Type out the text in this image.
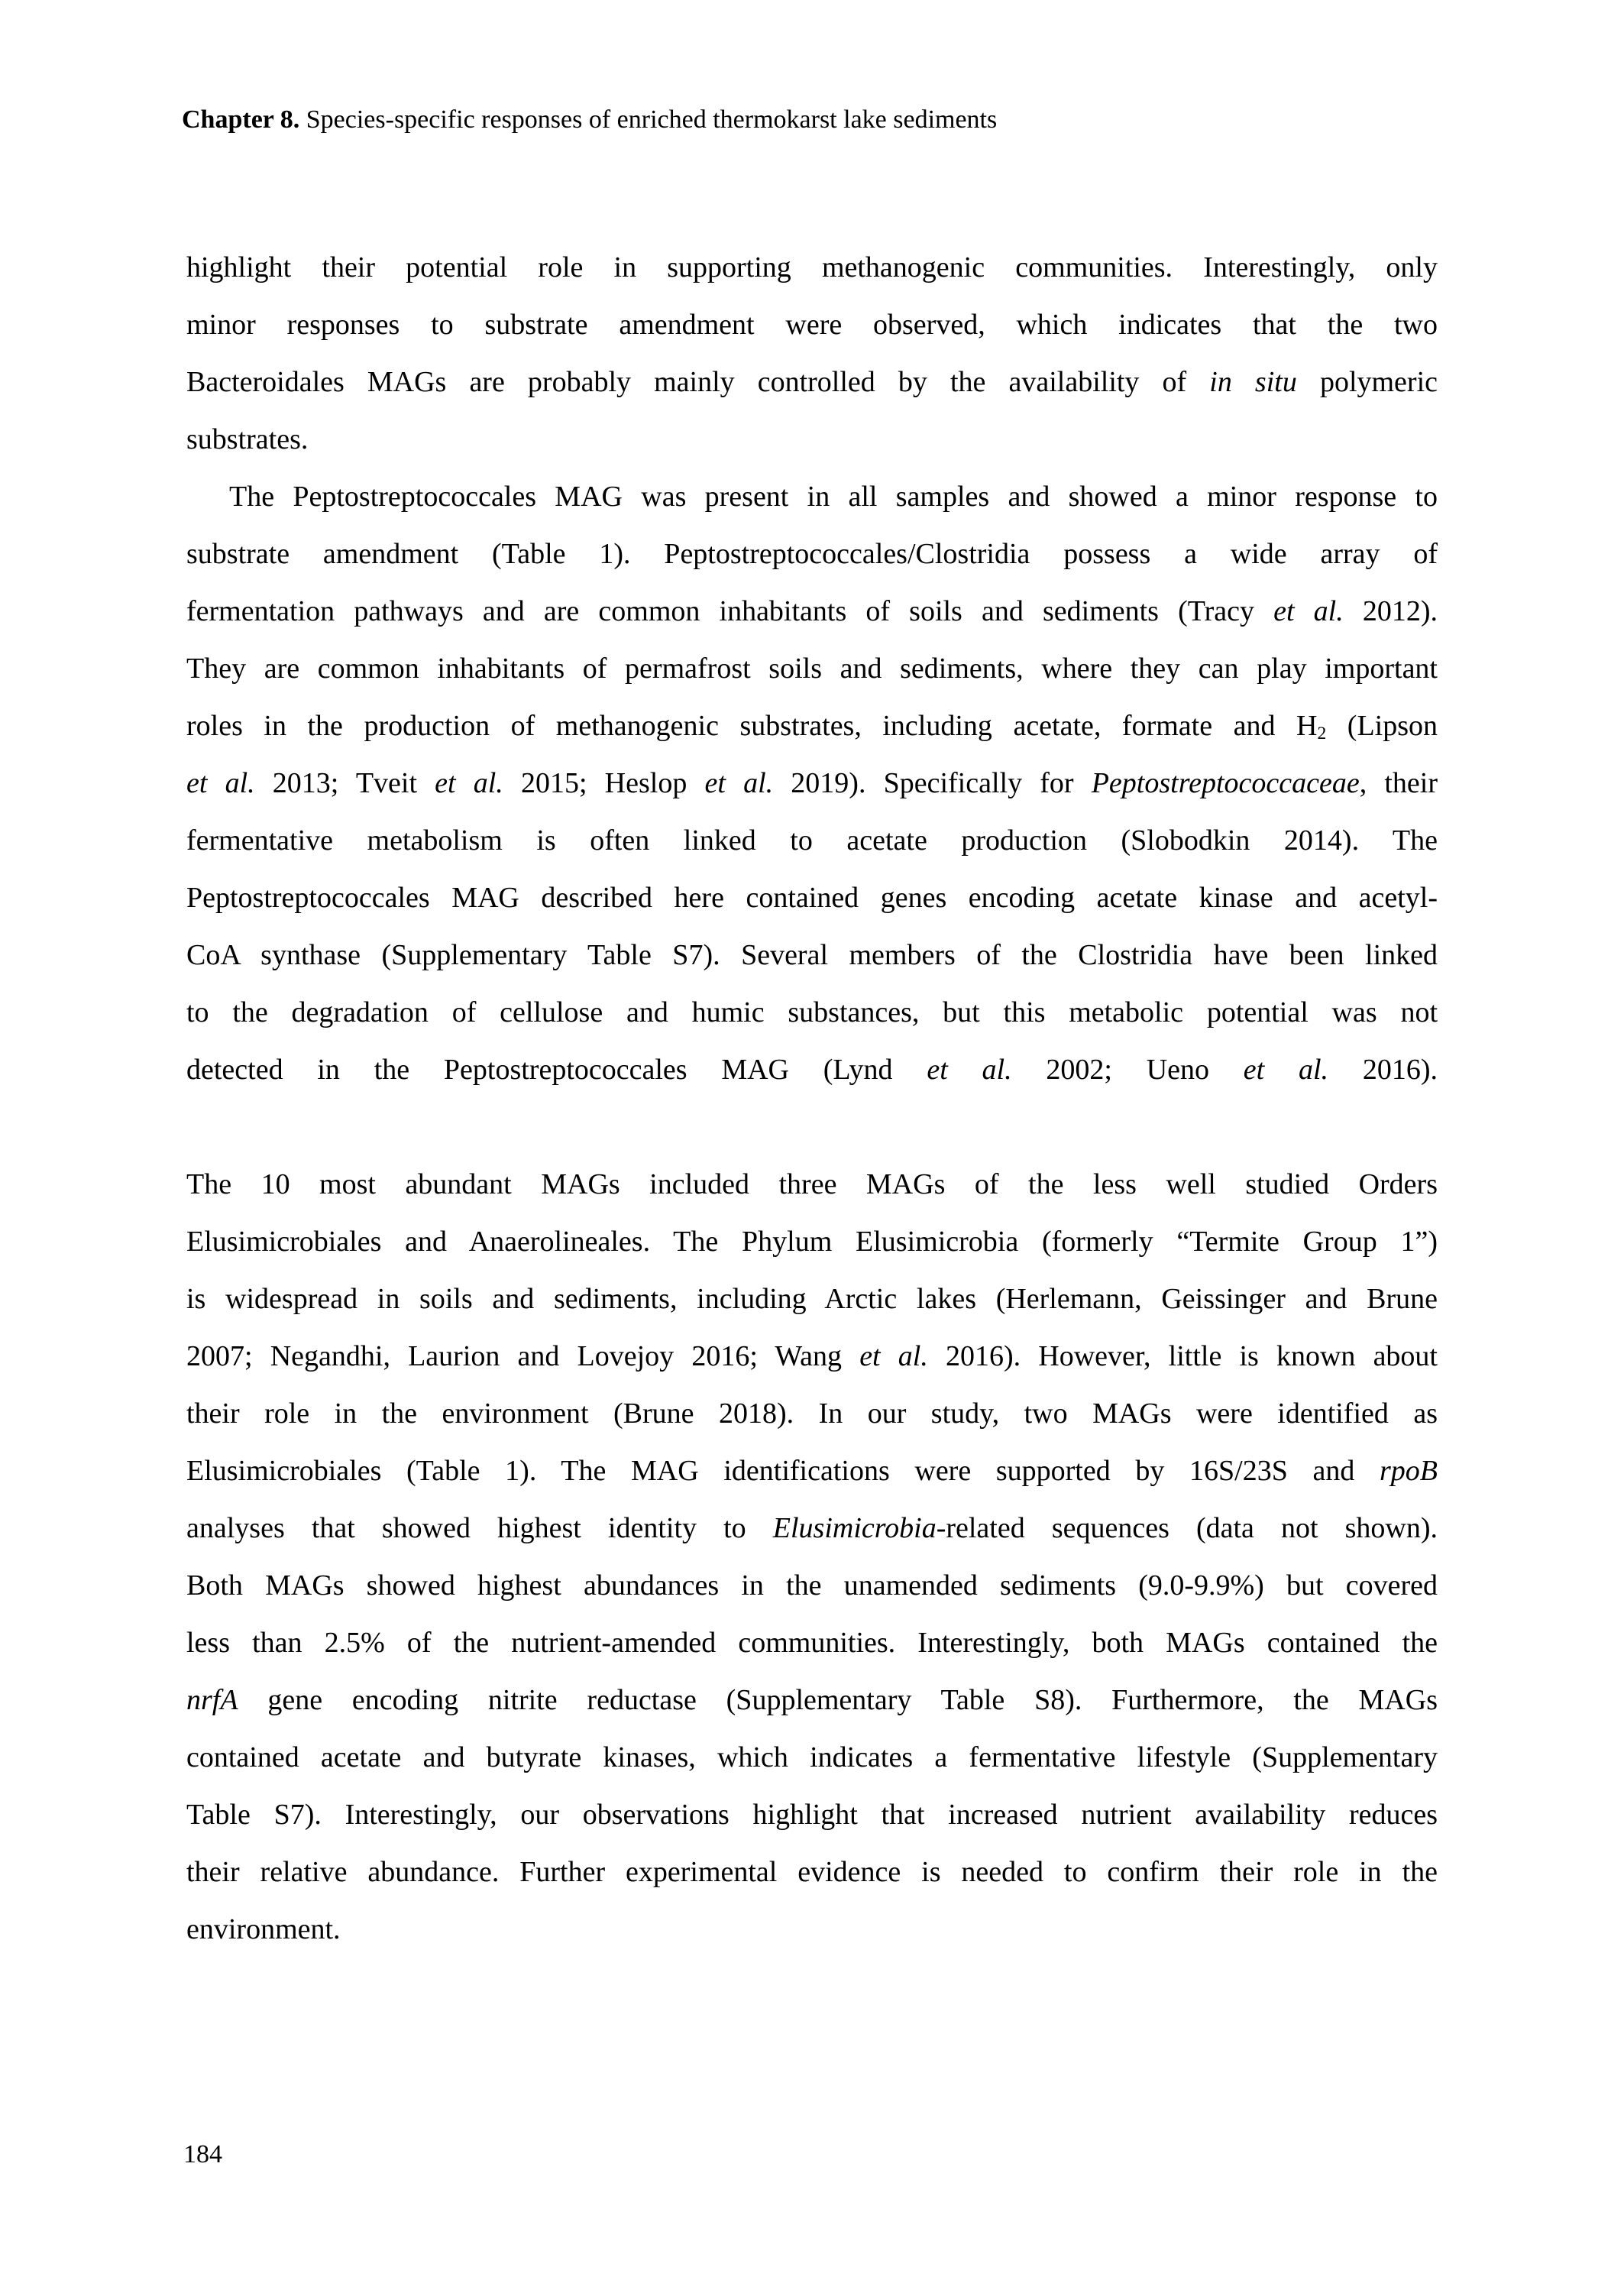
Chapter 8. Species-specific responses of enriched thermokarst lake sediments
highlight their potential role in supporting methanogenic communities. Interestingly, only
minor responses to substrate amendment were observed, which indicates that the two
Bacteroidales MAGs are probably mainly controlled by the availability of in situ polymeric
substrates.
The Peptostreptococcales MAG was present in all samples and showed a minor response to
substrate amendment (Table 1). Peptostreptococcales/Clostridia possess a wide array of
fermentation pathways and are common inhabitants of soils and sediments (Tracy et al. 2012).
They are common inhabitants of permafrost soils and sediments, where they can play important
roles in the production of methanogenic substrates, including acetate, formate and $H_2$ (Lipson
et al. 2013; Tveit et al. 2015; Heslop et al. 2019). Specifically for Peptostreptococcaceae, their
fermentative metabolism is often linked to acetate production (Slobodkin 2014). The
Peptostreptococcales MAG described here contained genes encoding acetate kinase and acetyl-
CoA synthase (Supplementary Table S7). Several members of the Clostridia have been linked
to the degradation of cellulose and humic substances, but this metabolic potential was not
detected in the Peptostreptococcales MAG (Lynd et al. 2002; Ueno et al. 2016).
The 10 most abundant MAGs included three MAGs of the less well studied Orders
Elusimicrobiales and Anaerolineales. The Phylum Elusimicrobia (formerly “Termite Group 1”)
is widespread in soils and sediments, including Arctic lakes (Herlemann, Geissinger and Brune
2007; Negandhi, Laurion and Lovejoy 2016; Wang et al. 2016). However, little is known about
their role in the environment (Brune 2018). In our study, two MAGs were identified as
Elusimicrobiales (Table 1). The MAG identifications were supported by 16S/23S and rpoB
analyses that showed highest identity to Elusimicrobia-related sequences (data not shown).
Both MAGs showed highest abundances in the unamended sediments (9.0-9.9%) but covered
less than 2.5% of the nutrient-amended communities. Interestingly, both MAGs contained the
nrfA gene encoding nitrite reductase (Supplementary Table S8). Furthermore, the MAGs
contained acetate and butyrate kinases, which indicates a fermentative lifestyle (Supplementary
Table S7). Interestingly, our observations highlight that increased nutrient availability reduces
their relative abundance. Further experimental evidence is needed to confirm their role in the
environment.
184
